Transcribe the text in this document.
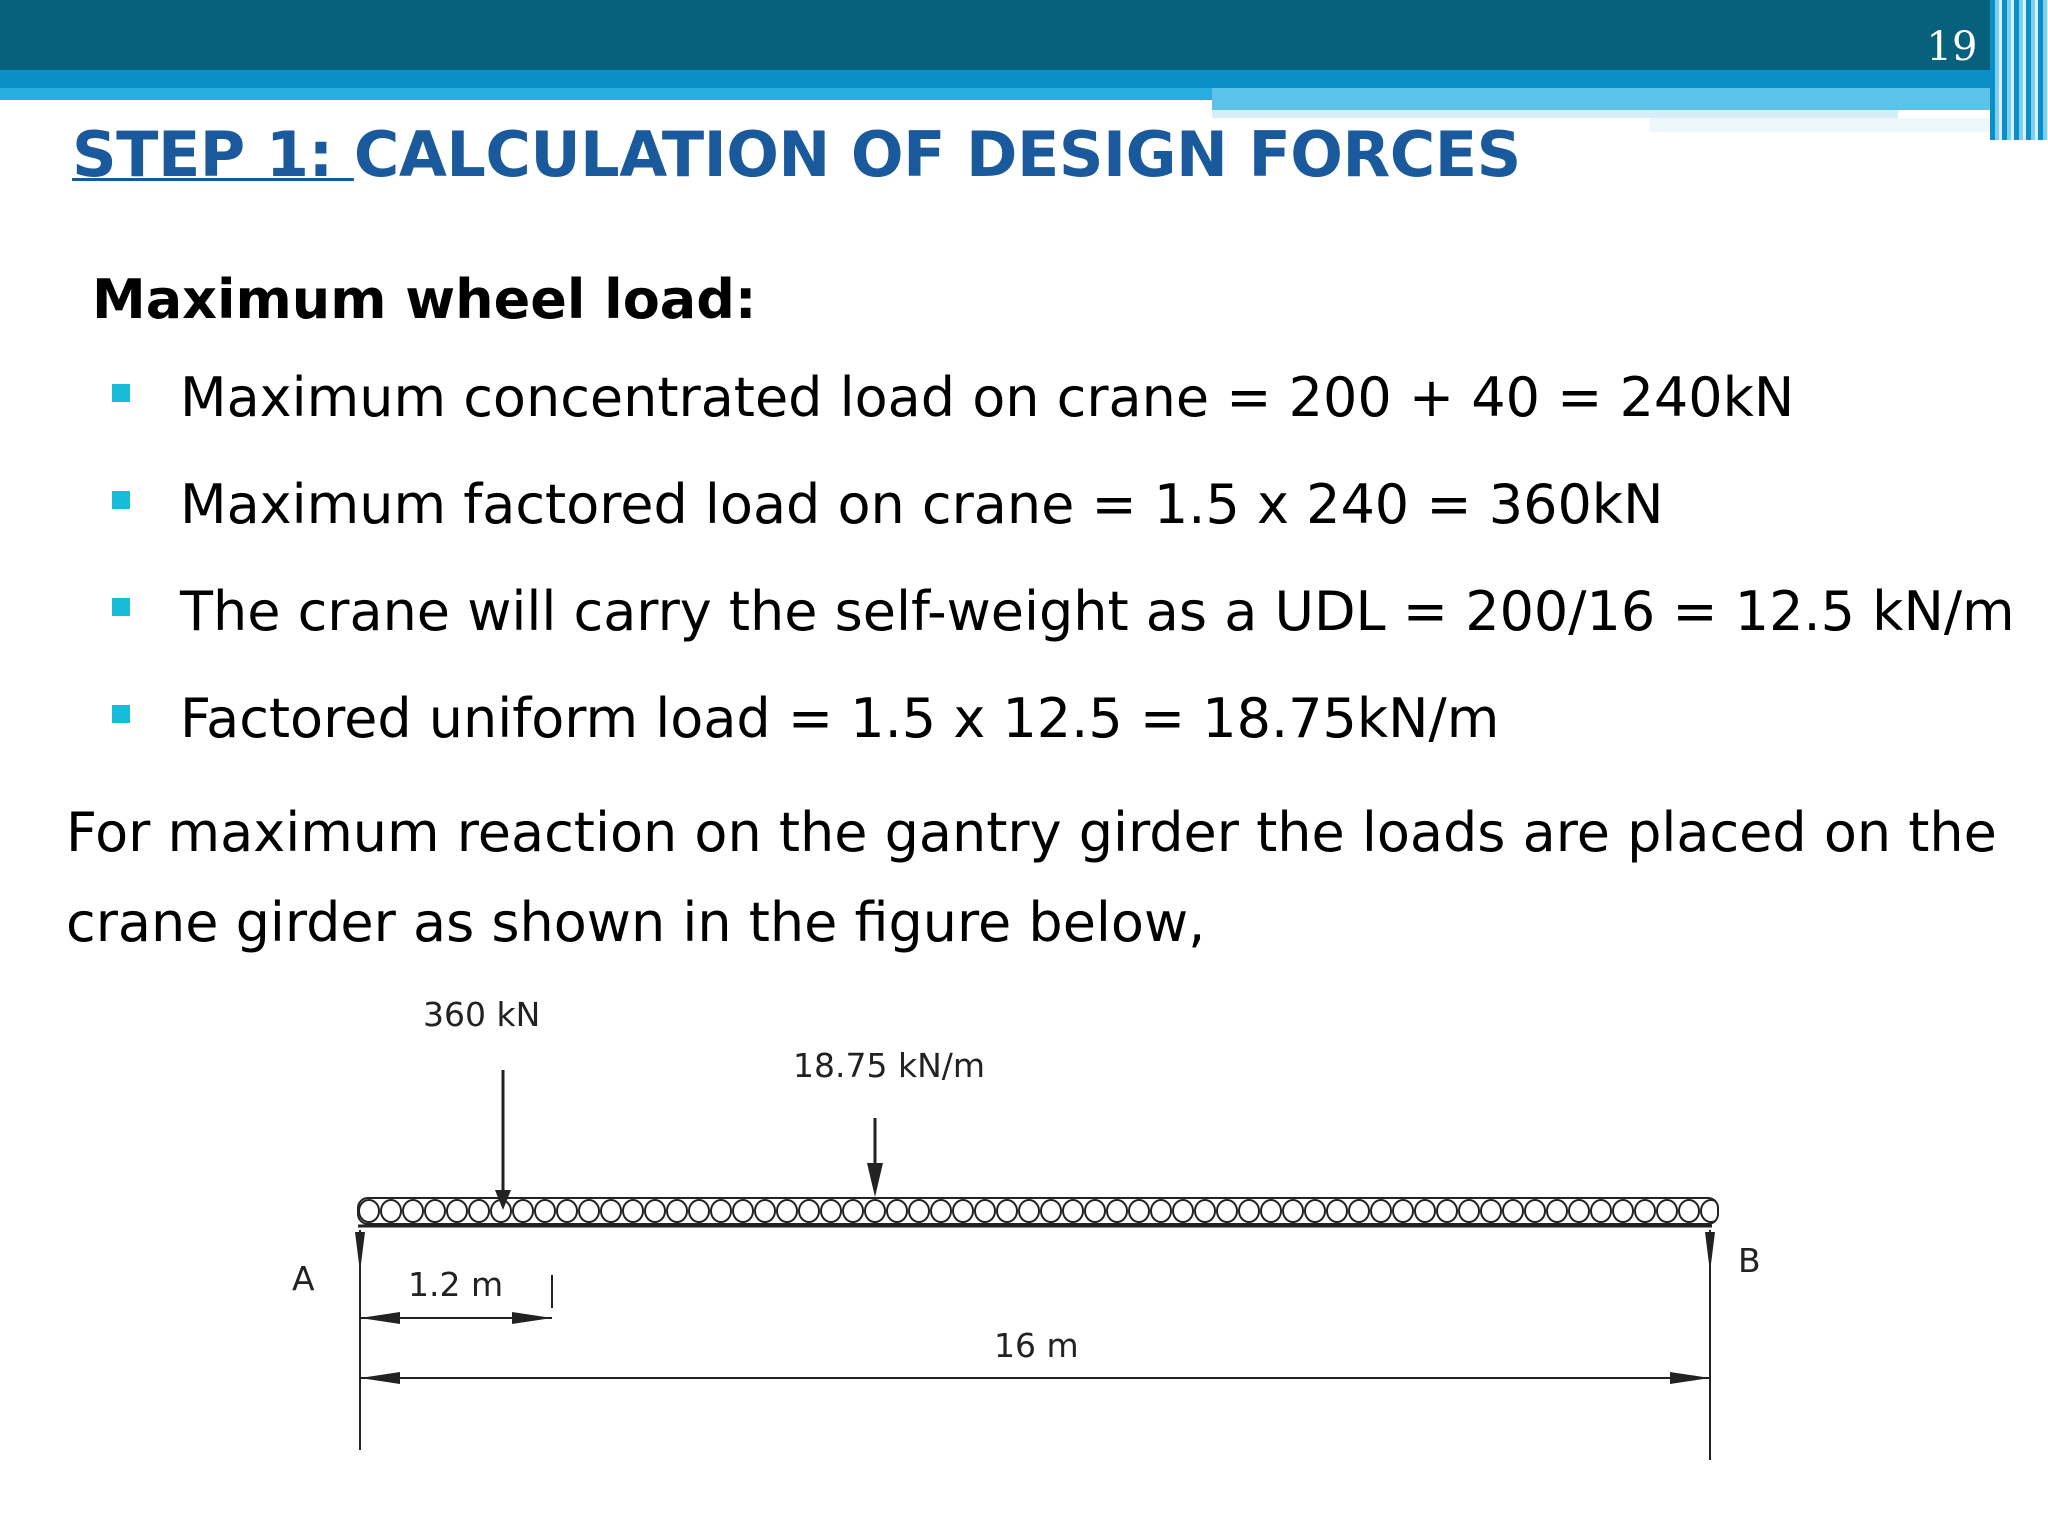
19
STEP 1: CALCULATION OF DESIGN FORCES
Maximum wheel load:
Maximum concentrated load on crane = 200 + 40 = 240kN
Maximum factored load on crane = 1.5 x 240 = 360kN
The crane will carry the self-weight as a UDL = 200/16 = 12.5 kN/m
Factored uniform load = 1.5 x 12.5 = 18.75kN/m
For maximum reaction on the gantry girder the loads are placed on the crane girder as shown in the figure below,
360 kN
18.75 kN/m
A	B
1.2 m
16 m
